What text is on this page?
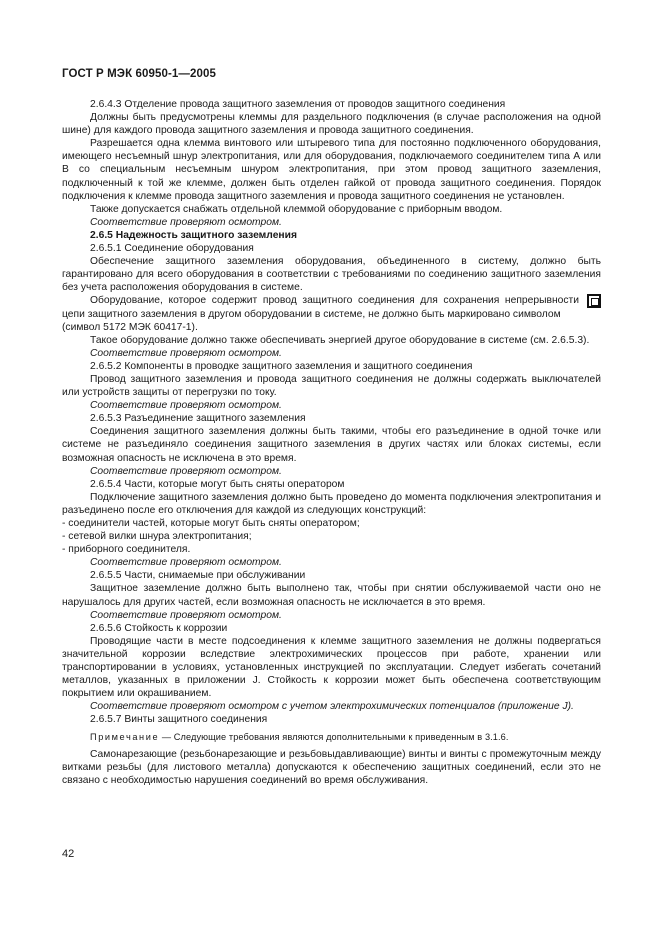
ГОСТ Р МЭК 60950-1—2005

2.6.4.3 Отделение провода защитного заземления от проводов защитного соединения

Должны быть предусмотрены клеммы для раздельного подключения (в случае расположения на одной шине) для каждого провода защитного заземления и провода защитного соединения.

Разрешается одна клемма винтового или штыревого типа для постоянно подключенного оборудования, имеющего несъемный шнур электропитания, или для оборудования, подключаемого соединителем типа А или В со специальным несъемным шнуром электропитания, при этом провод защитного заземления, подключенный к той же клемме, должен быть отделен гайкой от провода защитного соединения. Порядок подключения к клемме провода защитного заземления и провода защитного соединения не установлен.

Также допускается снабжать отдельной клеммой оборудование с приборным вводом.

Соответствие проверяют осмотром.

2.6.5 Надежность защитного заземления

2.6.5.1 Соединение оборудования

Обеспечение защитного заземления оборудования, объединенного в систему, должно быть гарантировано для всего оборудования в соответствии с требованиями по соединению защитного заземления без учета расположения оборудования в системе.

Оборудование, которое содержит провод защитного соединения для сохранения непрерывности цепи защитного заземления в другом оборудовании в системе, не должно быть маркировано символом

(символ 5172 МЭК 60417-1).

Такое оборудование должно также обеспечивать энергией другое оборудование в системе (см. 2.6.5.3).

Соответствие проверяют осмотром.

2.6.5.2 Компоненты в проводке защитного заземления и защитного соединения

Провод защитного заземления и провода защитного соединения не должны содержать выключателей или устройств защиты от перегрузки по току.

Соответствие проверяют осмотром.

2.6.5.3 Разъединение защитного заземления

Соединения защитного заземления должны быть такими, чтобы его разъединение в одной точке или системе не разъединяло соединения защитного заземления в других частях или блоках системы, если возможная опасность не исключена в это время.

Соответствие проверяют осмотром.

2.6.5.4 Части, которые могут быть сняты оператором

Подключение защитного заземления должно быть проведено до момента подключения электропитания и разъединено после его отключения для каждой из следующих конструкций:

- соединители частей, которые могут быть сняты оператором;

- сетевой вилки шнура электропитания;

- приборного соединителя.

Соответствие проверяют осмотром.

2.6.5.5 Части, снимаемые при обслуживании

Защитное заземление должно быть выполнено так, чтобы при снятии обслуживаемой части оно не нарушалось для других частей, если возможная опасность не исключается в это время.

Соответствие проверяют осмотром.

2.6.5.6 Стойкость к коррозии

Проводящие части в месте подсоединения к клемме защитного заземления не должны подвергаться значительной коррозии вследствие электрохимических процессов при работе, хранении или транспортировании в условиях, установленных инструкцией по эксплуатации. Следует избегать сочетаний металлов, указанных в приложении J. Стойкость к коррозии может быть обеспечена соответствующим покрытием или окрашиванием.

Соответствие проверяют осмотром с учетом электрохимических потенциалов (приложение J).

2.6.5.7 Винты защитного соединения

Примечание — Следующие требования являются дополнительными к приведенным в 3.1.6.

Самонарезающие (резьбонарезающие и резьбовыдавливающие) винты и винты с промежуточным между витками резьбы (для листового металла) допускаются к обеспечению защитных соединений, если это не связано с необходимостью нарушения соединений во время обслуживания.

42
